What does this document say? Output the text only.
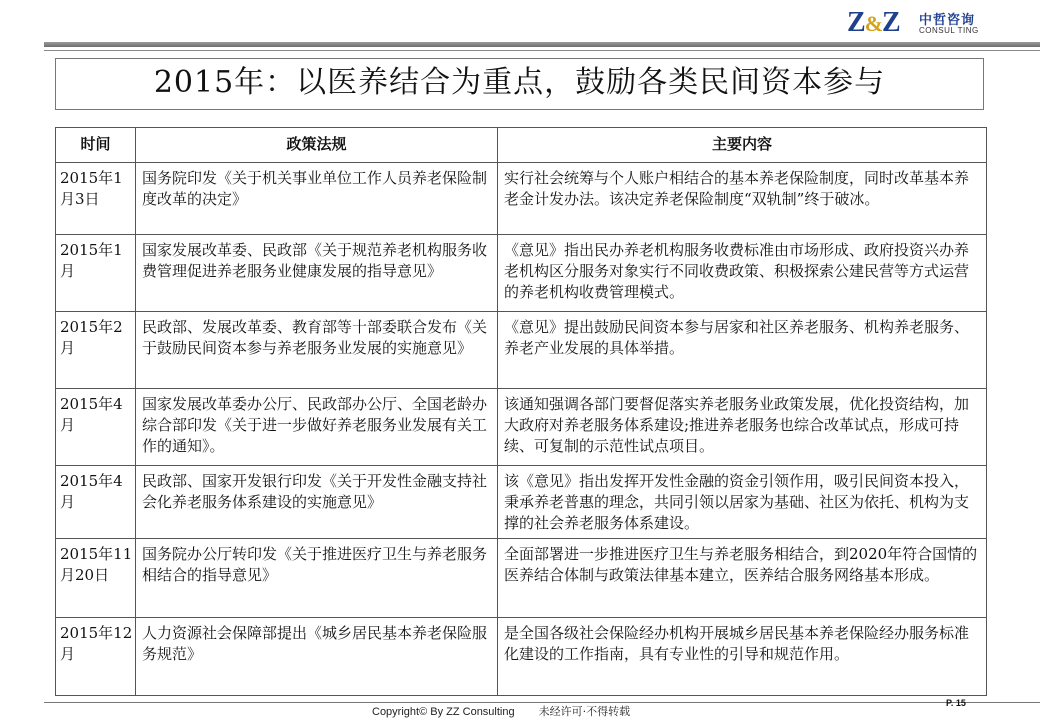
Z&Z 中哲咨询
CONSUL TING
2015年：以医养结合为重点，鼓励各类民间资本参与
时间	政策法规	主要内容
2015年1月3日	国务院印发《关于机关事业单位工作人员养老保险制度改革的决定》	实行社会统筹与个人账户相结合的基本养老保险制度，同时改革基本养老金计发办法。该决定养老保险制度“双轨制”终于破冰。
2015年1月	国家发展改革委、民政部《关于规范养老机构服务收费管理促进养老服务业健康发展的指导意见》	《意见》指出民办养老机构服务收费标准由市场形成、政府投资兴办养老机构区分服务对象实行不同收费政策、积极探索公建民营等方式运营的养老机构收费管理模式。
2015年2月	民政部、发展改革委、教育部等十部委联合发布《关于鼓励民间资本参与养老服务业发展的实施意见》	《意见》提出鼓励民间资本参与居家和社区养老服务、机构养老服务、养老产业发展的具体举措。
2015年4月	国家发展改革委办公厅、民政部办公厅、全国老龄办综合部印发《关于进一步做好养老服务业发展有关工作的通知》。	该通知强调各部门要督促落实养老服务业政策发展，优化投资结构，加大政府对养老服务体系建设;推进养老服务也综合改革试点，形成可持续、可复制的示范性试点项目。
2015年4月	民政部、国家开发银行印发《关于开发性金融支持社会化养老服务体系建设的实施意见》	该《意见》指出发挥开发性金融的资金引领作用，吸引民间资本投入，秉承养老普惠的理念，共同引领以居家为基础、社区为依托、机构为支撑的社会养老服务体系建设。
2015年11月20日	国务院办公厅转印发《关于推进医疗卫生与养老服务相结合的指导意见》	全面部署进一步推进医疗卫生与养老服务相结合，到2020年符合国情的医养结合体制与政策法律基本建立，医养结合服务网络基本形成。
2015年12月	人力资源社会保障部提出《城乡居民基本养老保险服务规范》	是全国各级社会保险经办机构开展城乡居民基本养老保险经办服务标准化建设的工作指南，具有专业性的引导和规范作用。
Copyright© By ZZ Consulting 未经许可·不得转载
P. 15
